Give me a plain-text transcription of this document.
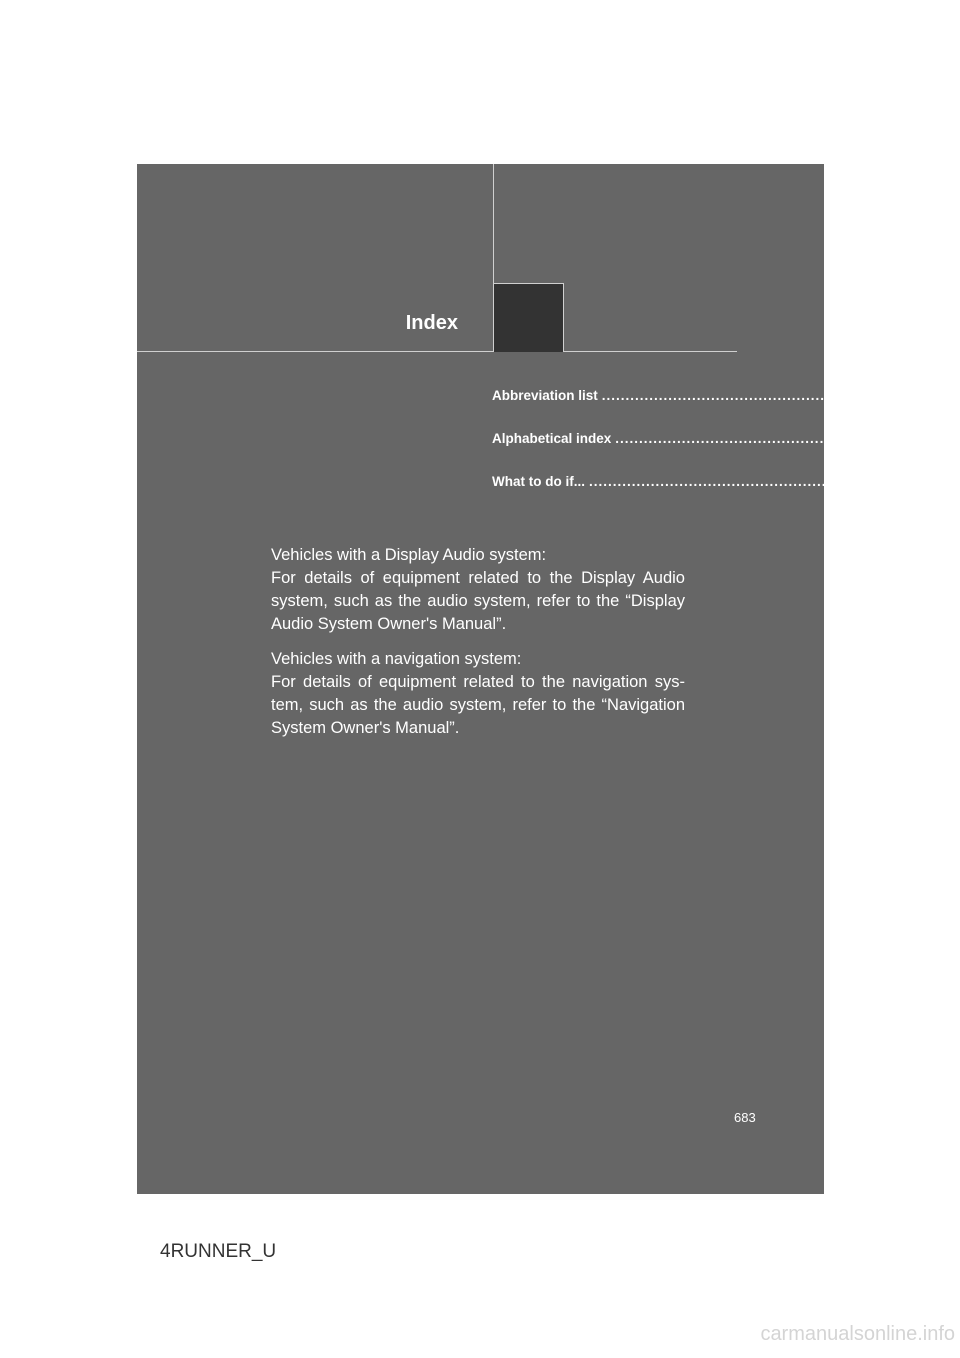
Index
Abbreviation list ................................................................ 684
Alphabetical index ................................................................ 686
What to do if... ................................................................ 696

Vehicles with a Display Audio system:
For details of equipment related to the Display Audio system, such as the audio system, refer to the “Display Audio System Owner's Manual”.

Vehicles with a navigation system:
For details of equipment related to the navigation sys-tem, such as the audio system, refer to the “Navigation System Owner's Manual”.

683
4RUNNER_U
carmanualsonline.info
